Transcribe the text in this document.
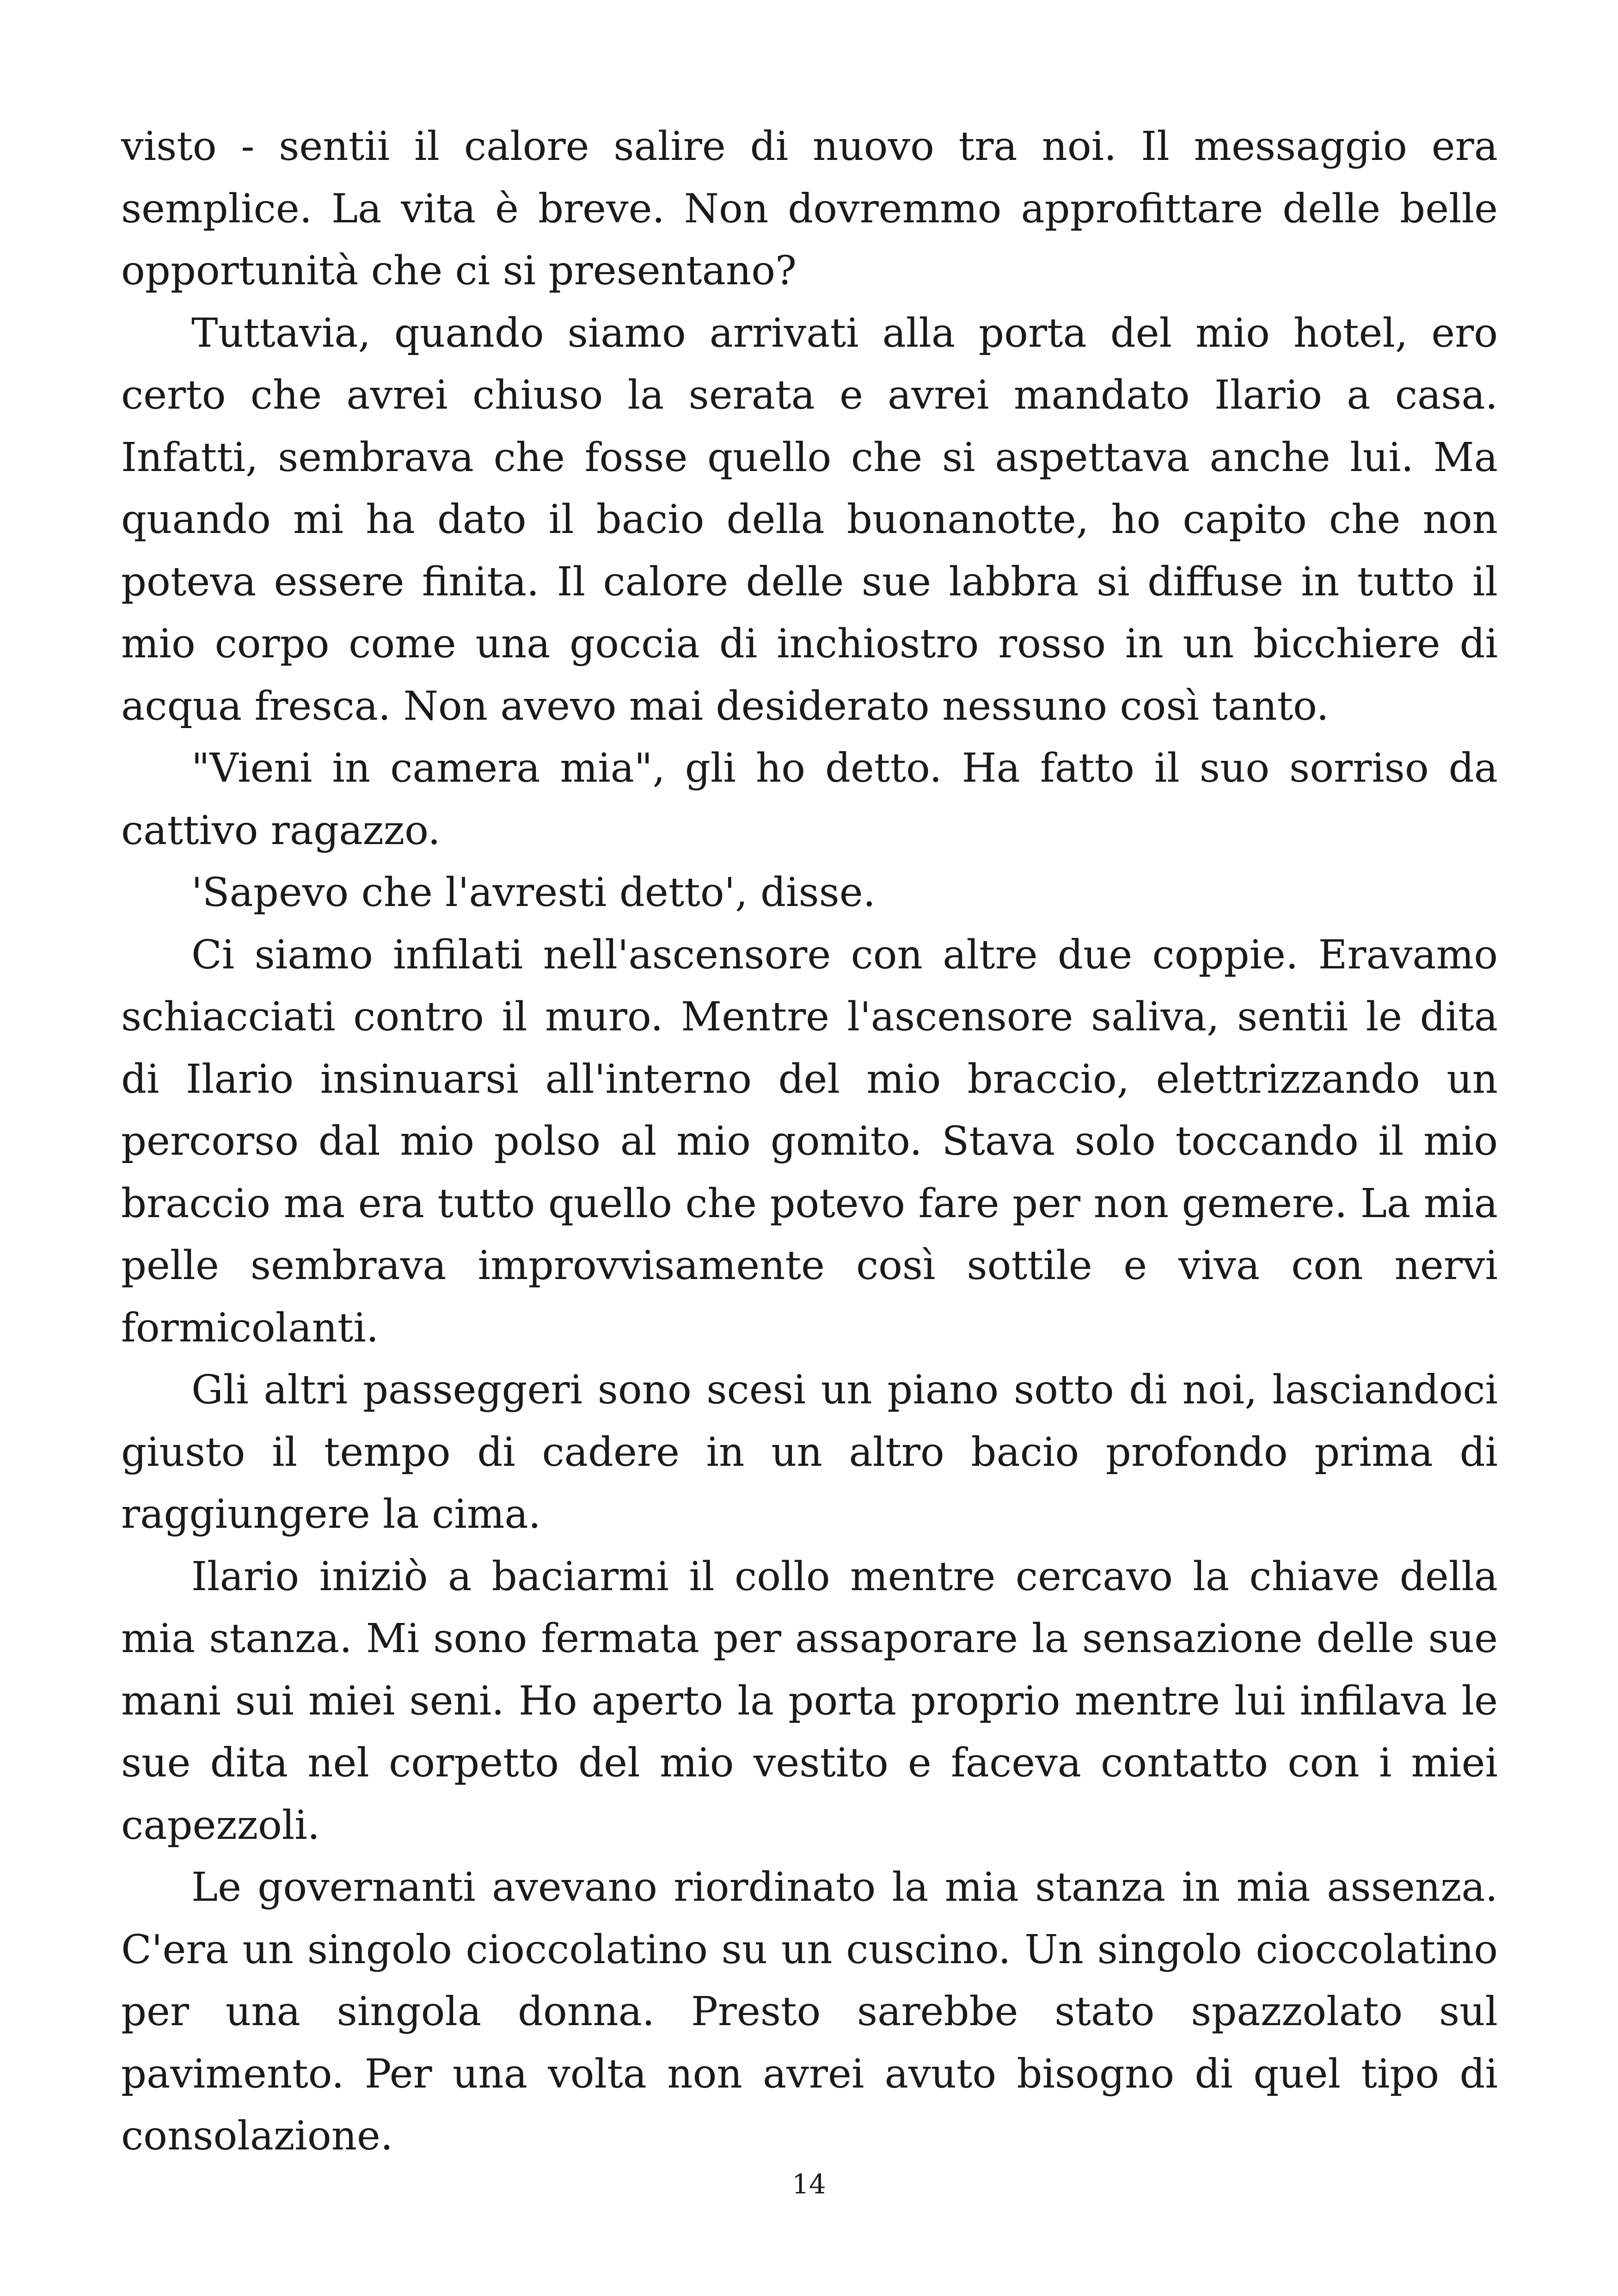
visto - sentii il calore salire di nuovo tra noi. Il messaggio era semplice. La vita è breve. Non dovremmo approfittare delle belle opportunità che ci si presentano?

Tuttavia, quando siamo arrivati alla porta del mio hotel, ero certo che avrei chiuso la serata e avrei mandato Ilario a casa. Infatti, sembrava che fosse quello che si aspettava anche lui. Ma quando mi ha dato il bacio della buonanotte, ho capito che non poteva essere finita. Il calore delle sue labbra si diffuse in tutto il mio corpo come una goccia di inchiostro rosso in un bicchiere di acqua fresca. Non avevo mai desiderato nessuno così tanto.

"Vieni in camera mia", gli ho detto. Ha fatto il suo sorriso da cattivo ragazzo.

'Sapevo che l'avresti detto', disse.

Ci siamo infilati nell'ascensore con altre due coppie. Eravamo schiacciati contro il muro. Mentre l'ascensore saliva, sentii le dita di Ilario insinuarsi all'interno del mio braccio, elettrizzando un percorso dal mio polso al mio gomito. Stava solo toccando il mio braccio ma era tutto quello che potevo fare per non gemere. La mia pelle sembrava improvvisamente così sottile e viva con nervi formicolanti.

Gli altri passeggeri sono scesi un piano sotto di noi, lasciandoci giusto il tempo di cadere in un altro bacio profondo prima di raggiungere la cima.

Ilario iniziò a baciarmi il collo mentre cercavo la chiave della mia stanza. Mi sono fermata per assaporare la sensazione delle sue mani sui miei seni. Ho aperto la porta proprio mentre lui infilava le sue dita nel corpetto del mio vestito e faceva contatto con i miei capezzoli.

Le governanti avevano riordinato la mia stanza in mia assenza. C'era un singolo cioccolatino su un cuscino. Un singolo cioccolatino per una singola donna. Presto sarebbe stato spazzolato sul pavimento. Per una volta non avrei avuto bisogno di quel tipo di consolazione.

14
